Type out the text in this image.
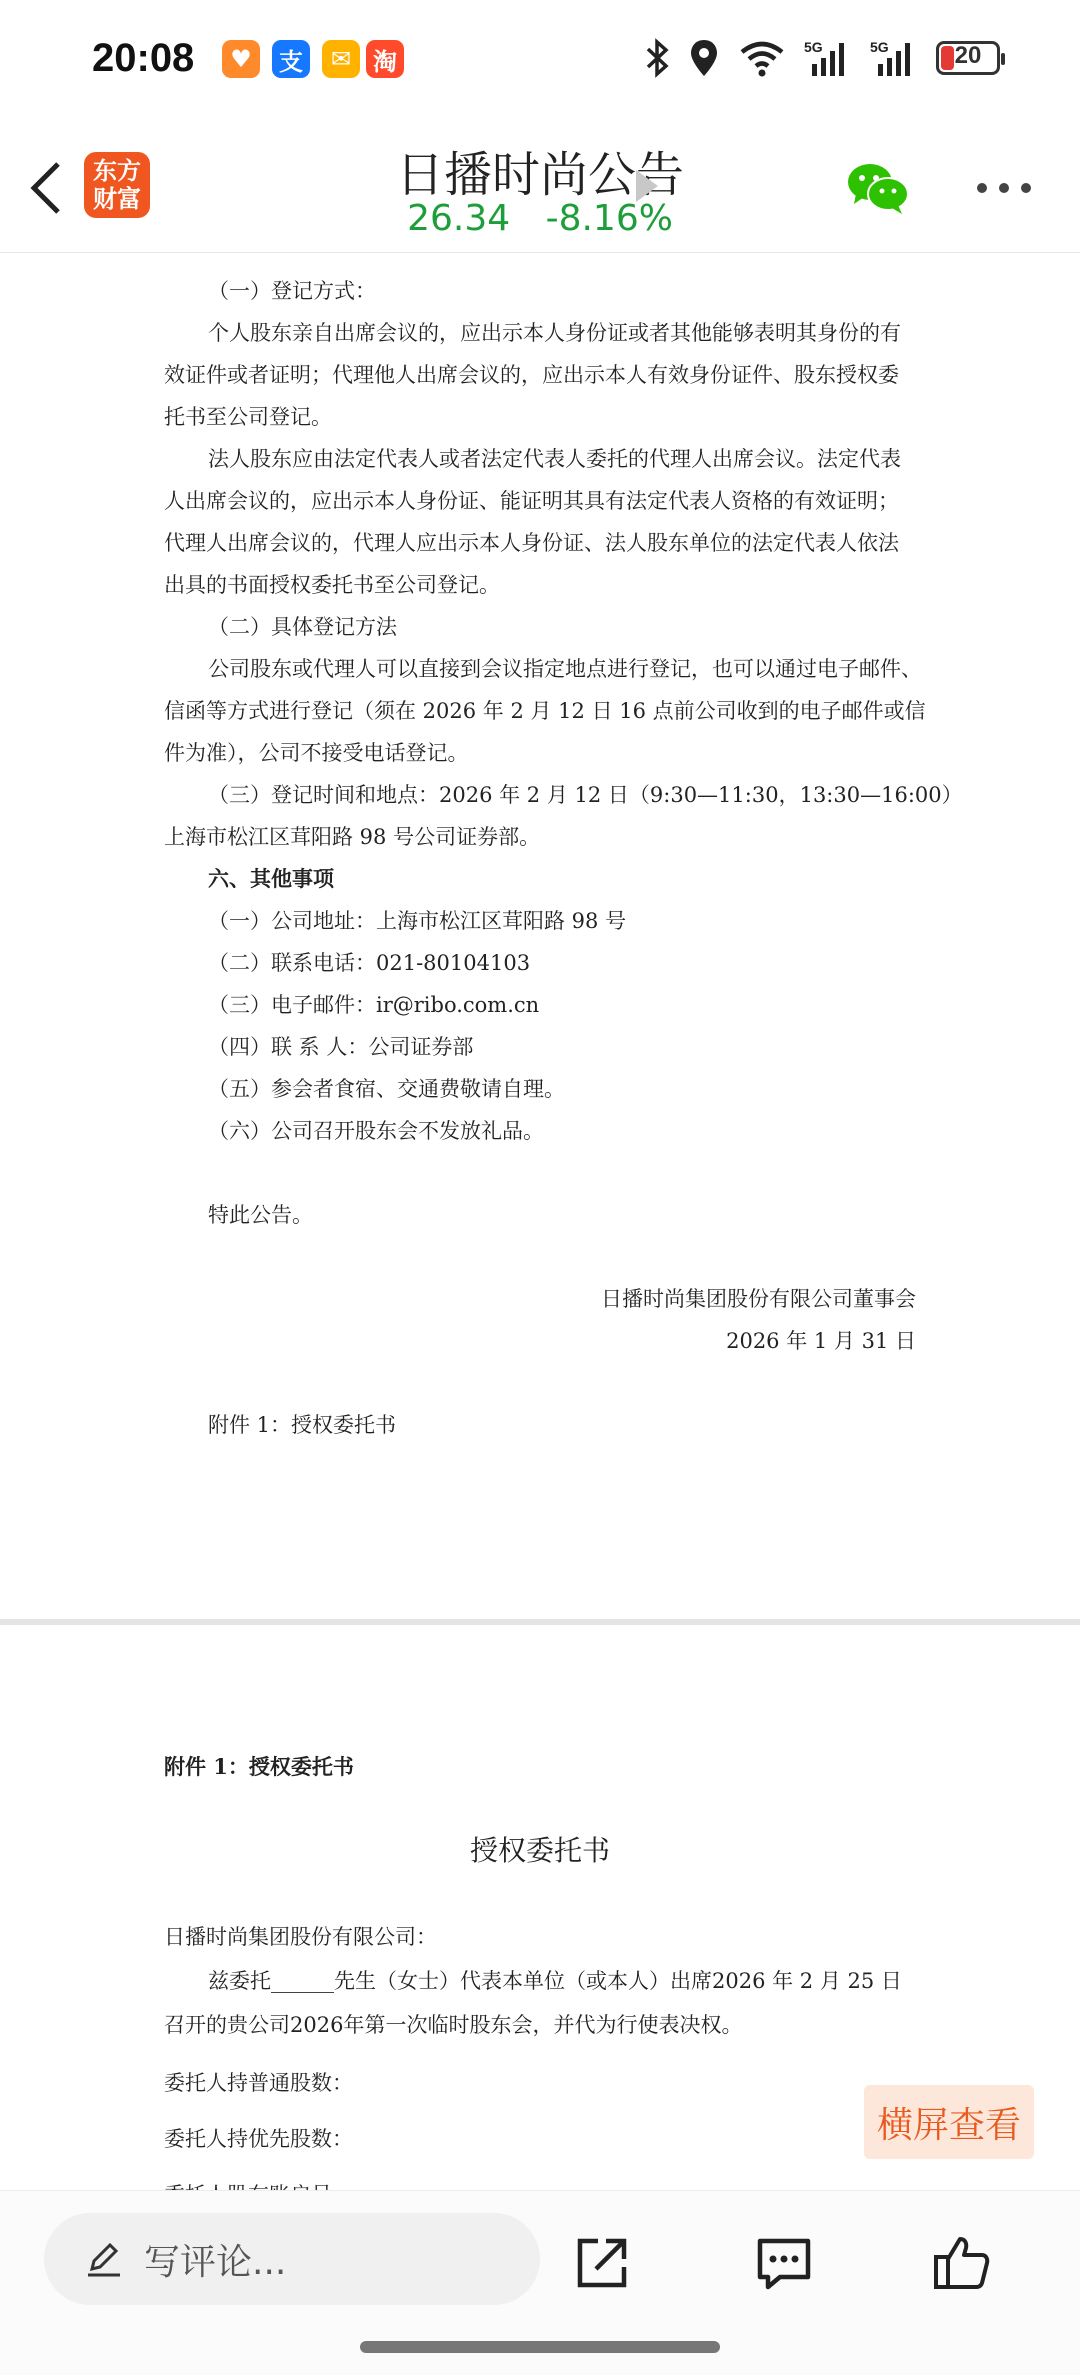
20:08	♥	支	✉ 淘
5G	5G	20
东方
财富	日播时尚公告
26.34 -8.16%
（一）登记方式：
个人股东亲自出席会议的，应出示本人身份证或者其他能够表明其身份的有
效证件或者证明；代理他人出席会议的，应出示本人有效身份证件、股东授权委
托书至公司登记。
法人股东应由法定代表人或者法定代表人委托的代理人出席会议。法定代表
人出席会议的，应出示本人身份证、能证明其具有法定代表人资格的有效证明；
代理人出席会议的，代理人应出示本人身份证、法人股东单位的法定代表人依法
出具的书面授权委托书至公司登记。
（二）具体登记方法
公司股东或代理人可以直接到会议指定地点进行登记，也可以通过电子邮件、
信函等方式进行登记（须在 2026 年 2 月 12 日 16 点前公司收到的电子邮件或信
件为准），公司不接受电话登记。
（三）登记时间和地点：2026 年 2 月 12 日（9:30—11:30，13:30—16:00）
上海市松江区茸阳路 98 号公司证券部。
六、其他事项
（一）公司地址：上海市松江区茸阳路 98 号
（二）联系电话：021-80104103
（三）电子邮件：ir@ribo.com.cn
（四）联 系 人：公司证券部
（五）参会者食宿、交通费敬请自理。
（六）公司召开股东会不发放礼品。
特此公告。
日播时尚集团股份有限公司董事会
2026 年 1 月 31 日
附件 1：授权委托书
附件 1：授权委托书
授权委托书
日播时尚集团股份有限公司：
兹委托______先生（女士）代表本单位（或本人）出席2026 年 2 月 25 日
召开的贵公司2026年第一次临时股东会，并代为行使表决权。
委托人持普通股数：
委托人持优先股数：	横屏查看
写评论...
